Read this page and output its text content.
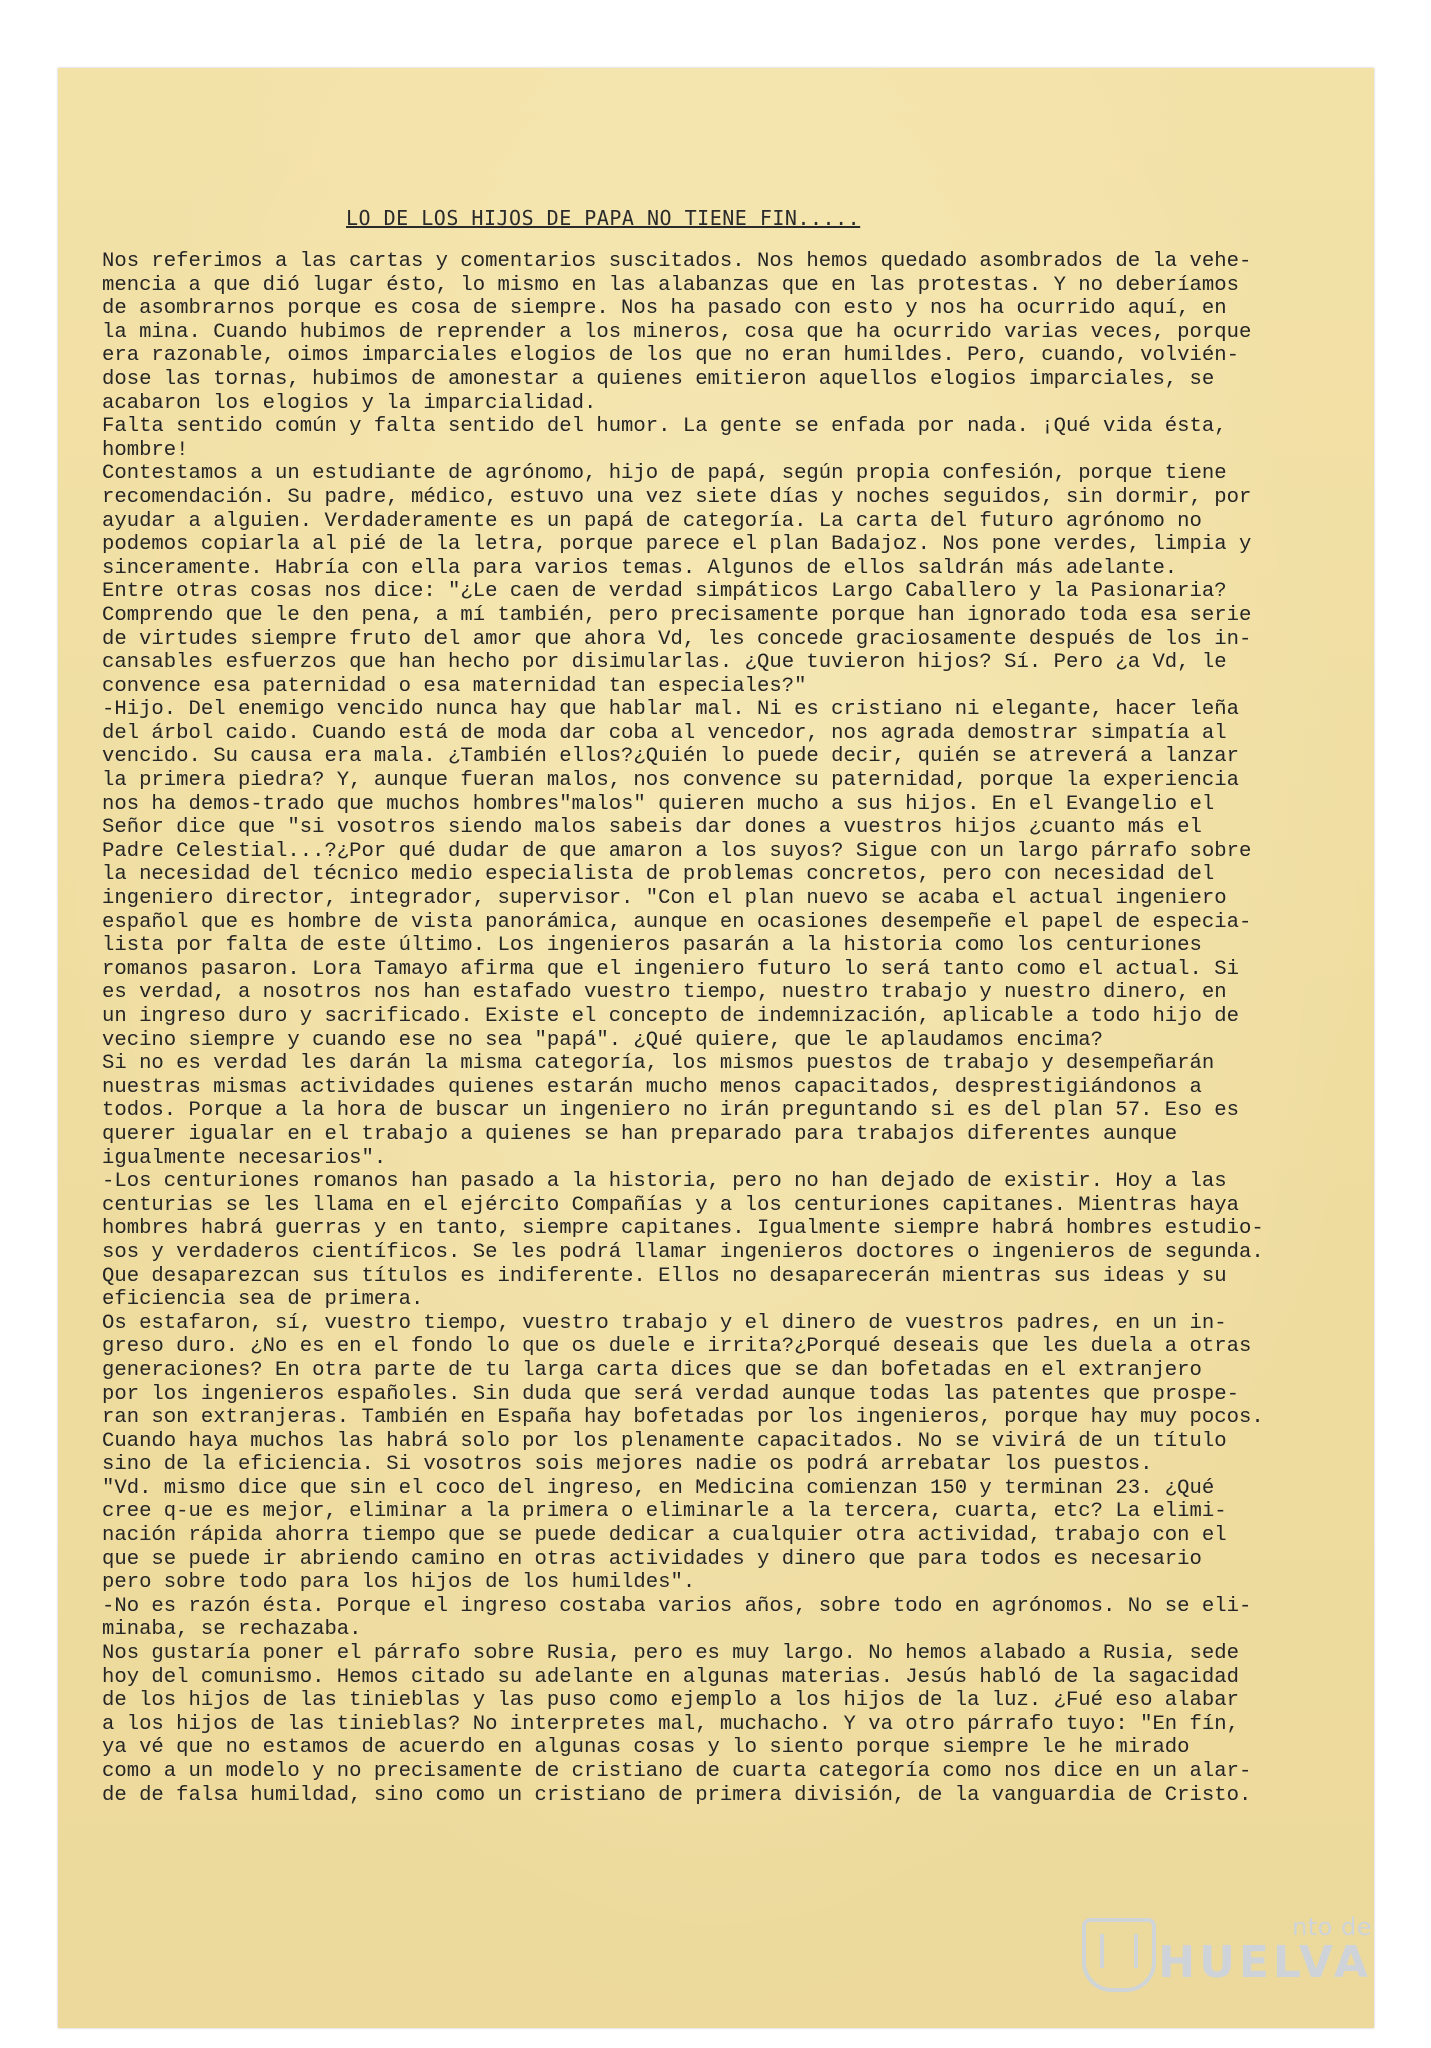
LO DE LOS HIJOS DE PAPA NO TIENE FIN.....
Nos referimos a las cartas y comentarios suscitados. Nos hemos quedado asombrados de la vehe-
mencia a que dió lugar ésto, lo mismo en las alabanzas que en las protestas. Y no deberíamos
de asombrarnos porque es cosa de siempre. Nos ha pasado con esto y nos ha ocurrido aquí, en
la mina. Cuando hubimos de reprender a los mineros, cosa que ha ocurrido varias veces, porque
era razonable, oimos imparciales elogios de los que no eran humildes. Pero, cuando, volvién-
dose las tornas, hubimos de amonestar a quienes emitieron aquellos elogios imparciales, se
acabaron los elogios y la imparcialidad.
Falta sentido común y falta sentido del humor. La gente se enfada por nada. ¡Qué vida ésta,
hombre!
Contestamos a un estudiante de agrónomo, hijo de papá, según propia confesión, porque tiene
recomendación. Su padre, médico, estuvo una vez siete días y noches seguidos, sin dormir, por
ayudar a alguien. Verdaderamente es un papá de categoría. La carta del futuro agrónomo no
podemos copiarla al pié de la letra, porque parece el plan Badajoz. Nos pone verdes, limpia y
sinceramente. Habría con ella para varios temas. Algunos de ellos saldrán más adelante.
Entre otras cosas nos dice: "¿Le caen de verdad simpáticos Largo Caballero y la Pasionaria?
Comprendo que le den pena, a mí también, pero precisamente porque han ignorado toda esa serie
de virtudes siempre fruto del amor que ahora Vd, les concede graciosamente después de los in-
cansables esfuerzos que han hecho por disimularlas. ¿Que tuvieron hijos? Sí. Pero ¿a Vd, le
convence esa paternidad o esa maternidad tan especiales?"
-Hijo. Del enemigo vencido nunca hay que hablar mal. Ni es cristiano ni elegante, hacer leña
del árbol caido. Cuando está de moda dar coba al vencedor, nos agrada demostrar simpatía al
vencido. Su causa era mala. ¿También ellos?¿Quién lo puede decir, quién se atreverá a lanzar
la primera piedra? Y, aunque fueran malos, nos convence su paternidad, porque la experiencia
nos ha demos-trado que muchos hombres"malos" quieren mucho a sus hijos. En el Evangelio el
Señor dice que "si vosotros siendo malos sabeis dar dones a vuestros hijos ¿cuanto más el
Padre Celestial...?¿Por qué dudar de que amaron a los suyos? Sigue con un largo párrafo sobre
la necesidad del técnico medio especialista de problemas concretos, pero con necesidad del
ingeniero director, integrador, supervisor. "Con el plan nuevo se acaba el actual ingeniero
español que es hombre de vista panorámica, aunque en ocasiones desempeñe el papel de especia-
lista por falta de este último. Los ingenieros pasarán a la historia como los centuriones
romanos pasaron. Lora Tamayo afirma que el ingeniero futuro lo será tanto como el actual. Si
es verdad, a nosotros nos han estafado vuestro tiempo, nuestro trabajo y nuestro dinero, en
un ingreso duro y sacrificado. Existe el concepto de indemnización, aplicable a todo hijo de
vecino siempre y cuando ese no sea "papá". ¿Qué quiere, que le aplaudamos encima?
Si no es verdad les darán la misma categoría, los mismos puestos de trabajo y desempeñarán
nuestras mismas actividades quienes estarán mucho menos capacitados, desprestigiándonos a
todos. Porque a la hora de buscar un ingeniero no irán preguntando si es del plan 57. Eso es
querer igualar en el trabajo a quienes se han preparado para trabajos diferentes aunque
igualmente necesarios".
-Los centuriones romanos han pasado a la historia, pero no han dejado de existir. Hoy a las
centurias se les llama en el ejército Compañías y a los centuriones capitanes. Mientras haya
hombres habrá guerras y en tanto, siempre capitanes. Igualmente siempre habrá hombres estudio-
sos y verdaderos científicos. Se les podrá llamar ingenieros doctores o ingenieros de segunda.
Que desaparezcan sus títulos es indiferente. Ellos no desaparecerán mientras sus ideas y su
eficiencia sea de primera.
Os estafaron, sí, vuestro tiempo, vuestro trabajo y el dinero de vuestros padres, en un in-
greso duro. ¿No es en el fondo lo que os duele e irrita?¿Porqué deseais que les duela a otras
generaciones? En otra parte de tu larga carta dices que se dan bofetadas en el extranjero
por los ingenieros españoles. Sin duda que será verdad aunque todas las patentes que prospe-
ran son extranjeras. También en España hay bofetadas por los ingenieros, porque hay muy pocos.
Cuando haya muchos las habrá solo por los plenamente capacitados. No se vivirá de un título
sino de la eficiencia. Si vosotros sois mejores nadie os podrá arrebatar los puestos.
"Vd. mismo dice que sin el coco del ingreso, en Medicina comienzan 150 y terminan 23. ¿Qué
cree q-ue es mejor, eliminar a la primera o eliminarle a la tercera, cuarta, etc? La elimi-
nación rápida ahorra tiempo que se puede dedicar a cualquier otra actividad, trabajo con el
que se puede ir abriendo camino en otras actividades y dinero que para todos es necesario
pero sobre todo para los hijos de los humildes".
-No es razón ésta. Porque el ingreso costaba varios años, sobre todo en agrónomos. No se eli-
minaba, se rechazaba.
Nos gustaría poner el párrafo sobre Rusia, pero es muy largo. No hemos alabado a Rusia, sede
hoy del comunismo. Hemos citado su adelante en algunas materias. Jesús habló de la sagacidad
de los hijos de las tinieblas y las puso como ejemplo a los hijos de la luz. ¿Fué eso alabar
a los hijos de las tinieblas? No interpretes mal, muchacho. Y va otro párrafo tuyo: "En fín,
ya vé que no estamos de acuerdo en algunas cosas y lo siento porque siempre le he mirado
como a un modelo y no precisamente de cristiano de cuarta categoría como nos dice en un alar-
de de falsa humildad, sino como un cristiano de primera división, de la vanguardia de Cristo.
nto de
HUELVA
